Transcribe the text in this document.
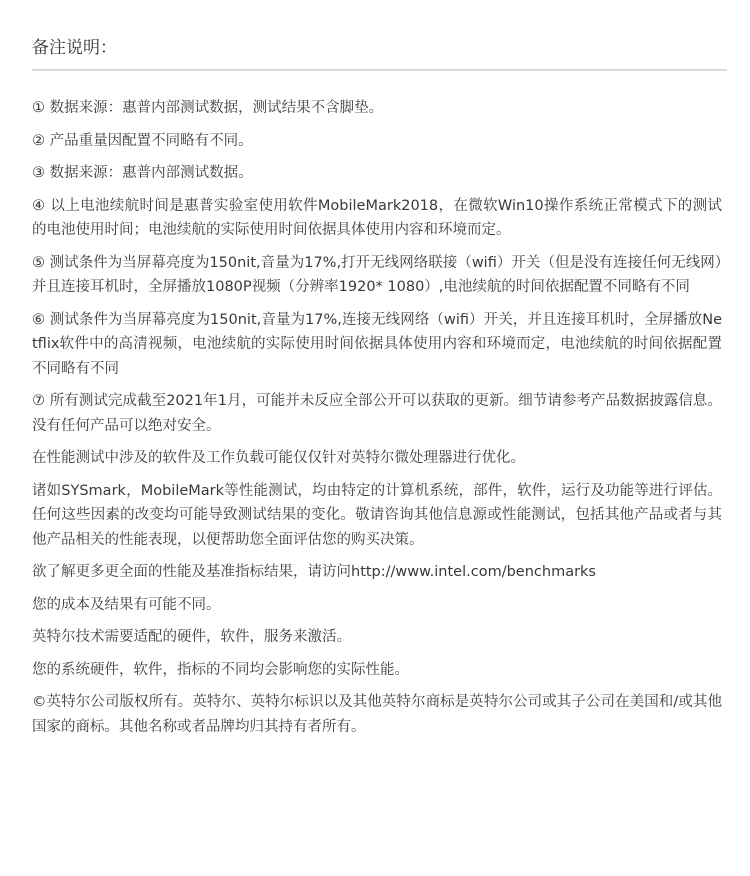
备注说明：

① 数据来源：惠普内部测试数据，测试结果不含脚垫。

② 产品重量因配置不同略有不同。

③ 数据来源：惠普内部测试数据。

④ 以上电池续航时间是惠普实验室使用软件MobileMark2018，在微软Win10操作系统正常模式下的测试的电池使用时间；电池续航的实际使用时间依据具体使用内容和环境而定。

⑤ 测试条件为当屏幕亮度为150nit,音量为17%,打开无线网络联接（wifi）开关（但是没有连接任何无线网）并且连接耳机时，全屏播放1080P视频（分辨率1920* 1080）,电池续航的时间依据配置不同略有不同

⑥ 测试条件为当屏幕亮度为150nit,音量为17%,连接无线网络（wifi）开关，并且连接耳机时，全屏播放Netflix软件中的高清视频，电池续航的实际使用时间依据具体使用内容和环境而定，电池续航的时间依据配置不同略有不同

⑦ 所有测试完成截至2021年1月，可能并未反应全部公开可以获取的更新。细节请参考产品数据披露信息。没有任何产品可以绝对安全。

在性能测试中涉及的软件及工作负载可能仅仅针对英特尔微处理器进行优化。

诸如SYSmark，MobileMark等性能测试，均由特定的计算机系统，部件，软件，运行及功能等进行评估。任何这些因素的改变均可能导致测试结果的变化。敬请咨询其他信息源或性能测试，包括其他产品或者与其他产品相关的性能表现，以便帮助您全面评估您的购买决策。

欲了解更多更全面的性能及基准指标结果，请访问http://www.intel.com/benchmarks

您的成本及结果有可能不同。

英特尔技术需要适配的硬件，软件，服务来激活。

您的系统硬件，软件，指标的不同均会影响您的实际性能。

©英特尔公司版权所有。英特尔、英特尔标识以及其他英特尔商标是英特尔公司或其子公司在美国和/或其他国家的商标。其他名称或者品牌均归其持有者所有。
